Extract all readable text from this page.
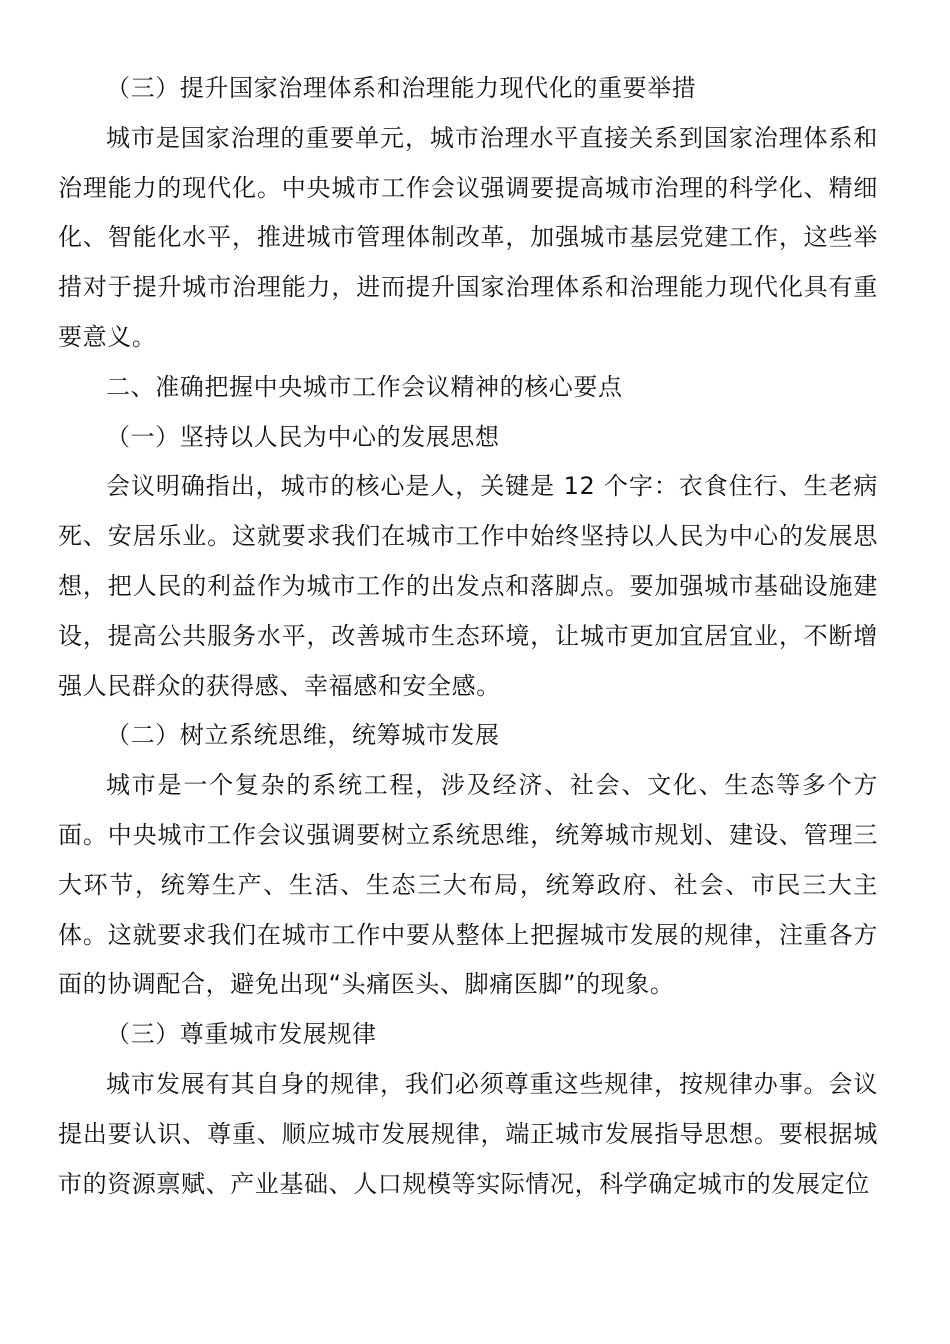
（三）提升国家治理体系和治理能力现代化的重要举措

城市是国家治理的重要单元，城市治理水平直接关系到国家治理体系和治理能力的现代化。中央城市工作会议强调要提高城市治理的科学化、精细化、智能化水平，推进城市管理体制改革，加强城市基层党建工作，这些举措对于提升城市治理能力，进而提升国家治理体系和治理能力现代化具有重要意义。

二、准确把握中央城市工作会议精神的核心要点

（一）坚持以人民为中心的发展思想

会议明确指出，城市的核心是人，关键是 12 个字：衣食住行、生老病死、安居乐业。这就要求我们在城市工作中始终坚持以人民为中心的发展思想，把人民的利益作为城市工作的出发点和落脚点。要加强城市基础设施建设，提高公共服务水平，改善城市生态环境，让城市更加宜居宜业，不断增强人民群众的获得感、幸福感和安全感。

（二）树立系统思维，统筹城市发展

城市是一个复杂的系统工程，涉及经济、社会、文化、生态等多个方面。中央城市工作会议强调要树立系统思维，统筹城市规划、建设、管理三大环节，统筹生产、生活、生态三大布局，统筹政府、社会、市民三大主体。这就要求我们在城市工作中要从整体上把握城市发展的规律，注重各方面的协调配合，避免出现“头痛医头、脚痛医脚”的现象。

（三）尊重城市发展规律

城市发展有其自身的规律，我们必须尊重这些规律，按规律办事。会议提出要认识、尊重、顺应城市发展规律，端正城市发展指导思想。要根据城市的资源禀赋、产业基础、人口规模等实际情况，科学确定城市的发展定位
